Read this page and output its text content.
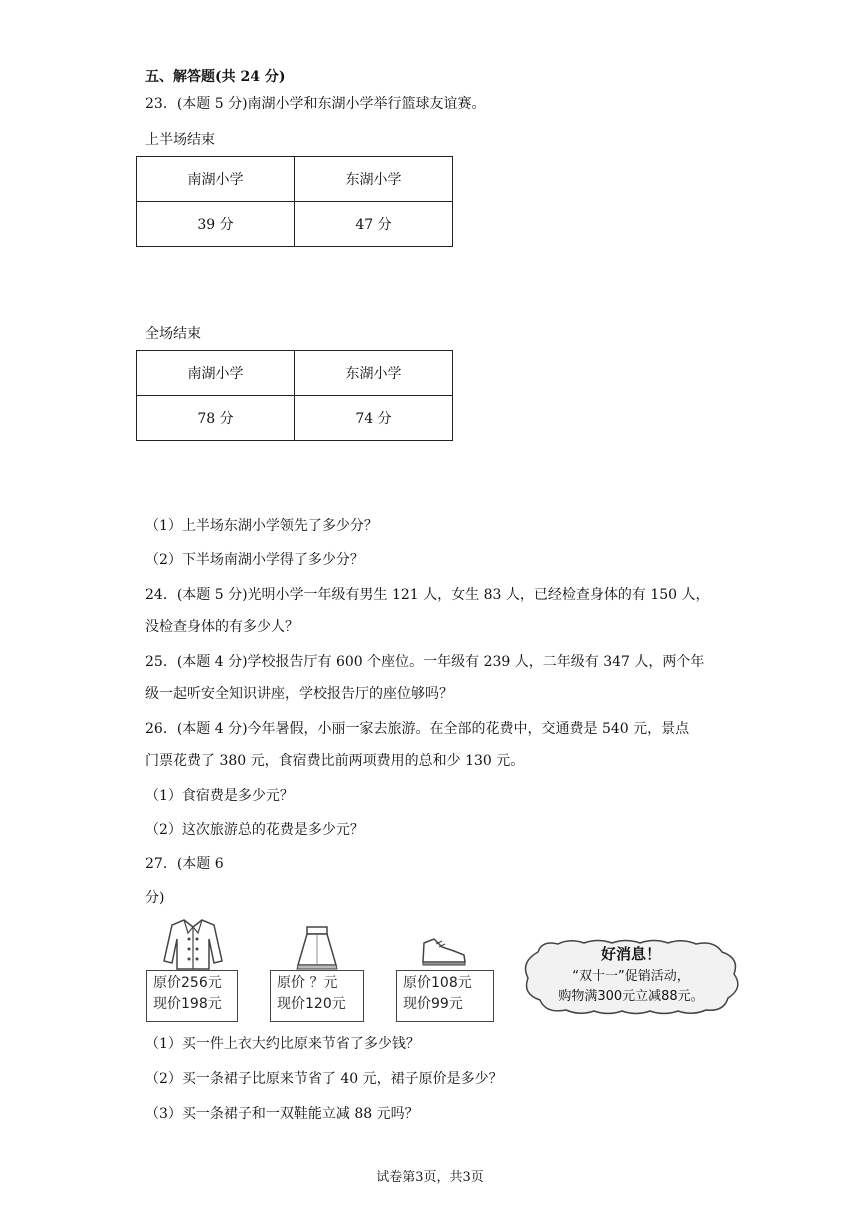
五、解答题(共 24 分)
23．(本题 5 分)南湖小学和东湖小学举行篮球友谊赛。
上半场结束
南湖小学	东湖小学
39 分	47 分
全场结束
南湖小学	东湖小学
78 分	74 分
（1）上半场东湖小学领先了多少分？
（2）下半场南湖小学得了多少分？
24．(本题 5 分)光明小学一年级有男生 121 人，女生 83 人，已经检查身体的有 150 人，
没检查身体的有多少人？
25．(本题 4 分)学校报告厅有 600 个座位。一年级有 239 人，二年级有 347 人，两个年
级一起听安全知识讲座，学校报告厅的座位够吗？
26．(本题 4 分)今年暑假，小丽一家去旅游。在全部的花费中，交通费是 540 元，景点
门票花费了 380 元，食宿费比前两项费用的总和少 130 元。
（1）食宿费是多少元？
（2）这次旅游总的花费是多少元？
27．(本题 6
分)
原价256元
现价198元
原价 ？元
现价120元
原价108元
现价99元
好消息！
“双十一”促销活动，
购物满300元立减88元。
（1）买一件上衣大约比原来节省了多少钱？
（2）买一条裙子比原来节省了 40 元，裙子原价是多少？
（3）买一条裙子和一双鞋能立减 88 元吗？
试卷第3页，共3页
